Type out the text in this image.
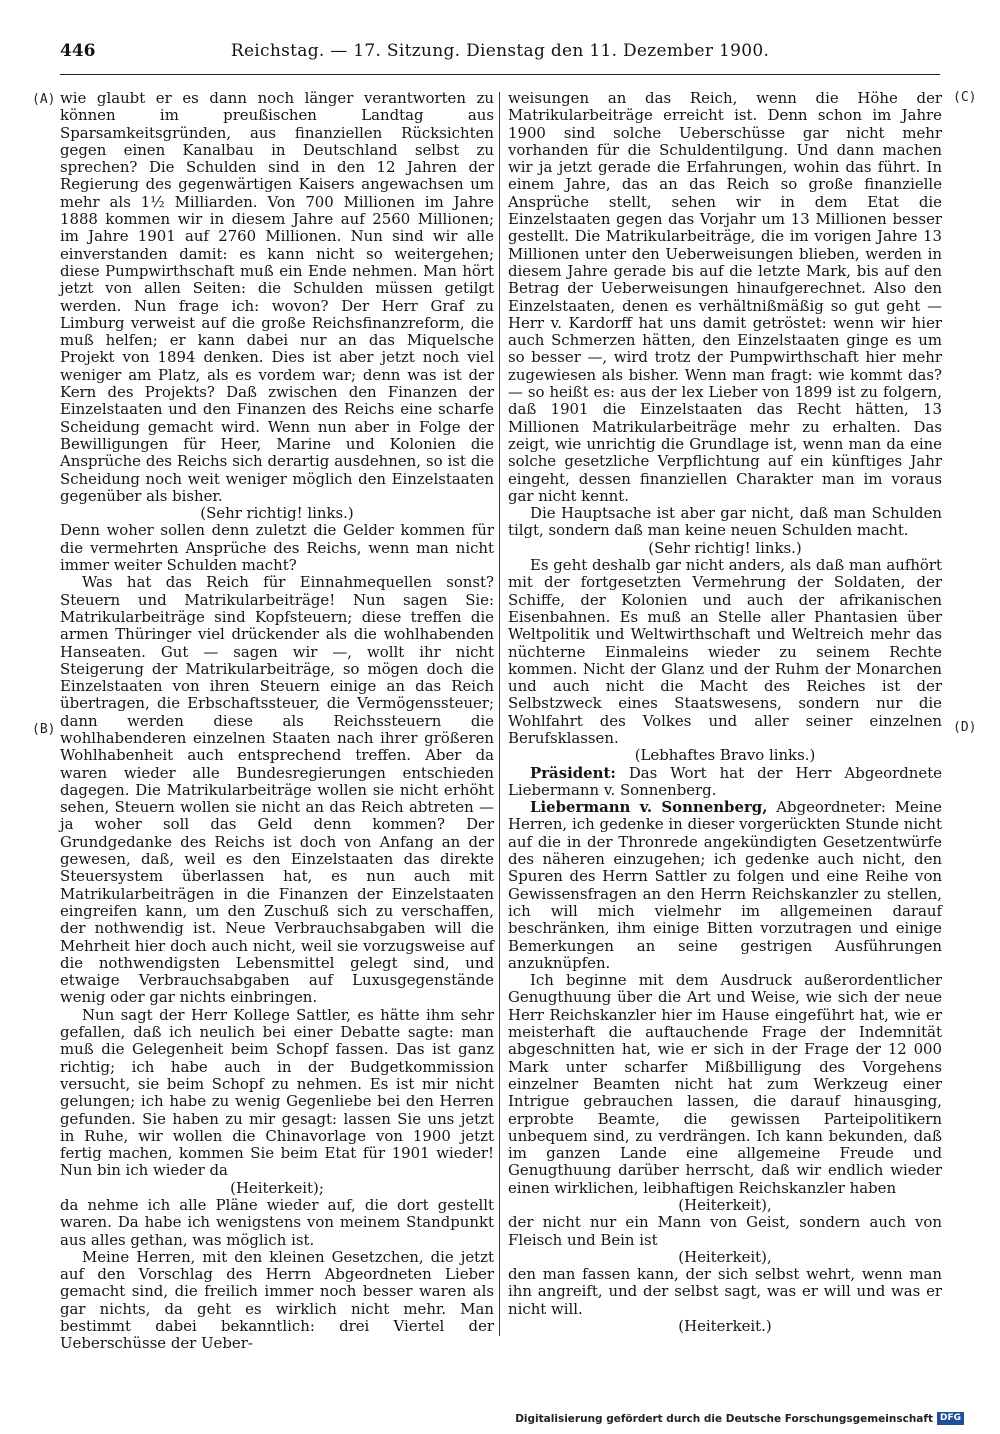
446	Reichstag. — 17. Sitzung. Dienstag den 11. Dezember 1900.
(A)
(B)
(C)
(D)

wie glaubt er es dann noch länger verantworten zu können im preußischen Landtag aus Sparsamkeitsgründen, aus finanziellen Rücksichten gegen einen Kanalbau in Deutschland selbst zu sprechen? Die Schulden sind in den 12 Jahren der Regierung des gegenwärtigen Kaisers angewachsen um mehr als 1½ Milliarden. Von 700 Millionen im Jahre 1888 kommen wir in diesem Jahre auf 2560 Millionen; im Jahre 1901 auf 2760 Millionen. Nun sind wir alle einverstanden damit: es kann nicht so weitergehen; diese Pumpwirthschaft muß ein Ende nehmen. Man hört jetzt von allen Seiten: die Schulden müssen getilgt werden. Nun frage ich: wovon? Der Herr Graf zu Limburg verweist auf die große Reichsfinanzreform, die muß helfen; er kann dabei nur an das Miquelsche Projekt von 1894 denken. Dies ist aber jetzt noch viel weniger am Platz, als es vordem war; denn was ist der Kern des Projekts? Daß zwischen den Finanzen der Einzelstaaten und den Finanzen des Reichs eine scharfe Scheidung gemacht wird. Wenn nun aber in Folge der Bewilligungen für Heer, Marine und Kolonien die Ansprüche des Reichs sich derartig ausdehnen, so ist die Scheidung noch weit weniger möglich den Einzelstaaten gegenüber als bisher.

(Sehr richtig! links.)

Denn woher sollen denn zuletzt die Gelder kommen für die vermehrten Ansprüche des Reichs, wenn man nicht immer weiter Schulden macht?

Was hat das Reich für Einnahmequellen sonst? Steuern und Matrikularbeiträge! Nun sagen Sie: Matrikularbeiträge sind Kopfsteuern; diese treffen die armen Thüringer viel drückender als die wohlhabenden Hanseaten. Gut — sagen wir —, wollt ihr nicht Steigerung der Matrikularbeiträge, so mögen doch die Einzelstaaten von ihren Steuern einige an das Reich übertragen, die Erbschaftssteuer, die Vermögenssteuer; dann werden diese als Reichssteuern die wohlhabenderen einzelnen Staaten nach ihrer größeren Wohlhabenheit auch entsprechend treffen. Aber da waren wieder alle Bundesregierungen entschieden dagegen. Die Matrikularbeiträge wollen sie nicht erhöht sehen, Steuern wollen sie nicht an das Reich abtreten — ja woher soll das Geld denn kommen? Der Grundgedanke des Reichs ist doch von Anfang an der gewesen, daß, weil es den Einzelstaaten das direkte Steuersystem überlassen hat, es nun auch mit Matrikularbeiträgen in die Finanzen der Einzelstaaten eingreifen kann, um den Zuschuß sich zu verschaffen, der nothwendig ist. Neue Verbrauchsabgaben will die Mehrheit hier doch auch nicht, weil sie vorzugsweise auf die nothwendigsten Lebensmittel gelegt sind, und etwaige Verbrauchsabgaben auf Luxusgegenstände wenig oder gar nichts einbringen.

Nun sagt der Herr Kollege Sattler, es hätte ihm sehr gefallen, daß ich neulich bei einer Debatte sagte: man muß die Gelegenheit beim Schopf fassen. Das ist ganz richtig; ich habe auch in der Budgetkommission versucht, sie beim Schopf zu nehmen. Es ist mir nicht gelungen; ich habe zu wenig Gegenliebe bei den Herren gefunden. Sie haben zu mir gesagt: lassen Sie uns jetzt in Ruhe, wir wollen die Chinavorlage von 1900 jetzt fertig machen, kommen Sie beim Etat für 1901 wieder! Nun bin ich wieder da

(Heiterkeit);

da nehme ich alle Pläne wieder auf, die dort gestellt waren. Da habe ich wenigstens von meinem Standpunkt aus alles gethan, was möglich ist.

Meine Herren, mit den kleinen Gesetzchen, die jetzt auf den Vorschlag des Herrn Abgeordneten Lieber gemacht sind, die freilich immer noch besser waren als gar nichts, da geht es wirklich nicht mehr. Man bestimmt dabei bekanntlich: drei Viertel der Ueberschüsse der Ueber-

weisungen an das Reich, wenn die Höhe der Matrikularbeiträge erreicht ist. Denn schon im Jahre 1900 sind solche Ueberschüsse gar nicht mehr vorhanden für die Schuldentilgung. Und dann machen wir ja jetzt gerade die Erfahrungen, wohin das führt. In einem Jahre, das an das Reich so große finanzielle Ansprüche stellt, sehen wir in dem Etat die Einzelstaaten gegen das Vorjahr um 13 Millionen besser gestellt. Die Matrikularbeiträge, die im vorigen Jahre 13 Millionen unter den Ueberweisungen blieben, werden in diesem Jahre gerade bis auf die letzte Mark, bis auf den Betrag der Ueberweisungen hinaufgerechnet. Also den Einzelstaaten, denen es verhältnißmäßig so gut geht — Herr v. Kardorff hat uns damit getröstet: wenn wir hier auch Schmerzen hätten, den Einzelstaaten ginge es um so besser —, wird trotz der Pumpwirthschaft hier mehr zugewiesen als bisher. Wenn man fragt: wie kommt das? — so heißt es: aus der lex Lieber von 1899 ist zu folgern, daß 1901 die Einzelstaaten das Recht hätten, 13 Millionen Matrikularbeiträge mehr zu erhalten. Das zeigt, wie unrichtig die Grundlage ist, wenn man da eine solche gesetzliche Verpflichtung auf ein künftiges Jahr eingeht, dessen finanziellen Charakter man im voraus gar nicht kennt.

Die Hauptsache ist aber gar nicht, daß man Schulden tilgt, sondern daß man keine neuen Schulden macht.

(Sehr richtig! links.)

Es geht deshalb gar nicht anders, als daß man aufhört mit der fortgesetzten Vermehrung der Soldaten, der Schiffe, der Kolonien und auch der afrikanischen Eisenbahnen. Es muß an Stelle aller Phantasien über Weltpolitik und Weltwirthschaft und Weltreich mehr das nüchterne Einmaleins wieder zu seinem Rechte kommen. Nicht der Glanz und der Ruhm der Monarchen und auch nicht die Macht des Reiches ist der Selbstzweck eines Staatswesens, sondern nur die Wohlfahrt des Volkes und aller seiner einzelnen Berufsklassen.

(Lebhaftes Bravo links.)

Präsident: Das Wort hat der Herr Abgeordnete Liebermann v. Sonnenberg.

Liebermann v. Sonnenberg, Abgeordneter: Meine Herren, ich gedenke in dieser vorgerückten Stunde nicht auf die in der Thronrede angekündigten Gesetzentwürfe des näheren einzugehen; ich gedenke auch nicht, den Spuren des Herrn Sattler zu folgen und eine Reihe von Gewissensfragen an den Herrn Reichskanzler zu stellen, ich will mich vielmehr im allgemeinen darauf beschränken, ihm einige Bitten vorzutragen und einige Bemerkungen an seine gestrigen Ausführungen anzuknüpfen.

Ich beginne mit dem Ausdruck außerordentlicher Genugthuung über die Art und Weise, wie sich der neue Herr Reichskanzler hier im Hause eingeführt hat, wie er meisterhaft die auftauchende Frage der Indemnität abgeschnitten hat, wie er sich in der Frage der 12 000 Mark unter scharfer Mißbilligung des Vorgehens einzelner Beamten nicht hat zum Werkzeug einer Intrigue gebrauchen lassen, die darauf hinausging, erprobte Beamte, die gewissen Parteipolitikern unbequem sind, zu verdrängen. Ich kann bekunden, daß im ganzen Lande eine allgemeine Freude und Genugthuung darüber herrscht, daß wir endlich wieder einen wirklichen, leibhaftigen Reichskanzler haben

(Heiterkeit),

der nicht nur ein Mann von Geist, sondern auch von Fleisch und Bein ist

(Heiterkeit),

den man fassen kann, der sich selbst wehrt, wenn man ihn angreift, und der selbst sagt, was er will und was er nicht will.

(Heiterkeit.)

Digitalisierung gefördert durch die Deutsche Forschungsgemeinschaft DFG
